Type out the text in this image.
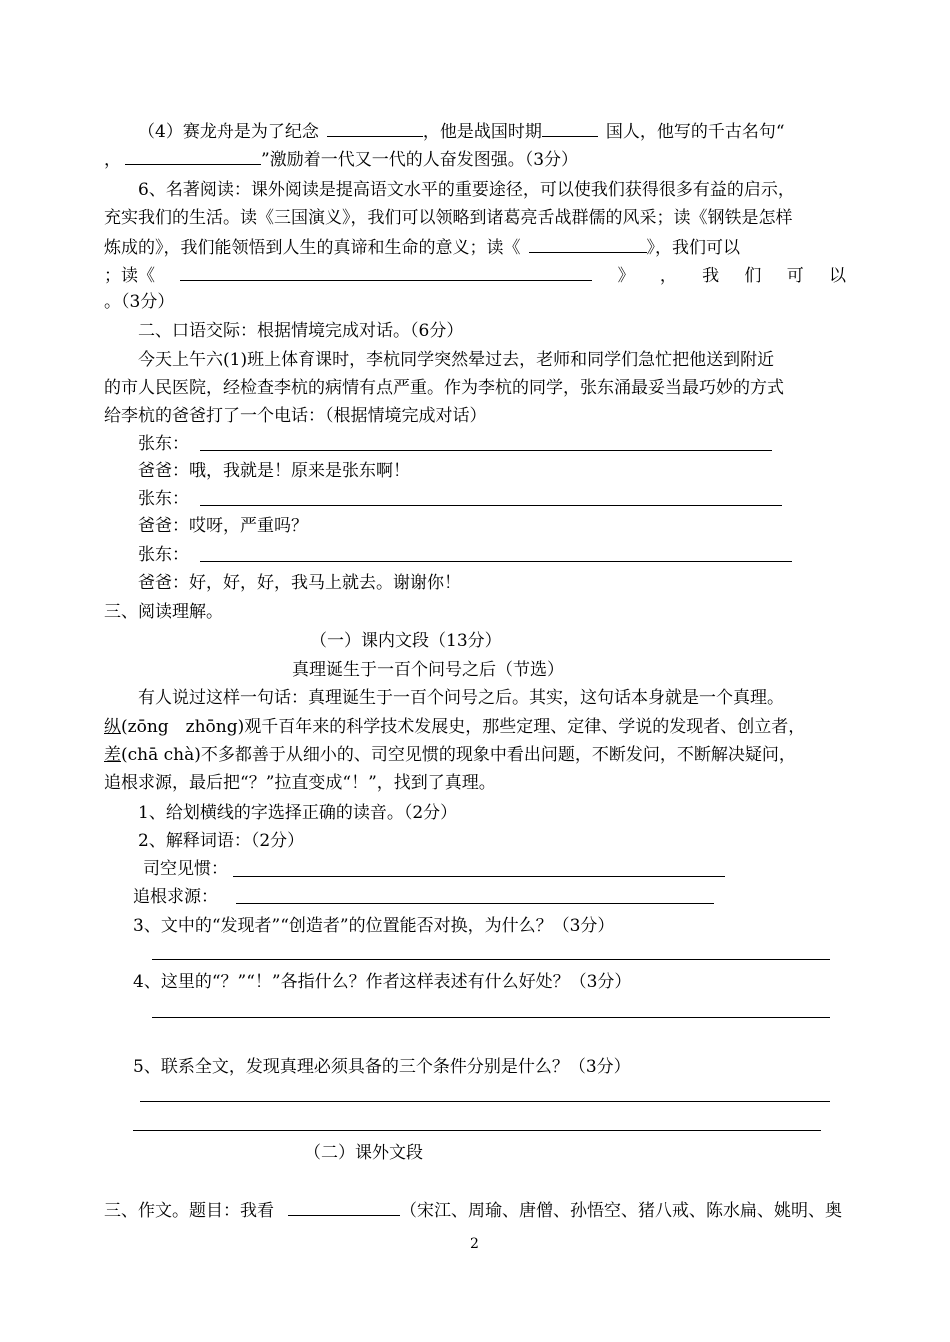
（4）赛龙舟是为了纪念	，他是战国时期	国人，他写的千古名句“
，	”激励着一代又一代的人奋发图强。（3分）
6、名著阅读：课外阅读是提高语文水平的重要途径，可以使我们获得很多有益的启示，
充实我们的生活。读《三国演义》，我们可以领略到诸葛亮舌战群儒的风采；读《钢铁是怎样
炼成的》，我们能领悟到人生的真谛和生命的意义；读《	》，我们可以
；读《	》 ， 我 们 可 以
。（3分）
二、口语交际：根据情境完成对话。（6分）
今天上午六(1)班上体育课时，李杭同学突然晕过去，老师和同学们急忙把他送到附近
的市人民医院，经检查李杭的病情有点严重。作为李杭的同学，张东涌最妥当最巧妙的方式
给李杭的爸爸打了一个电话：（根据情境完成对话）
张东：
爸爸：哦，我就是！原来是张东啊！
张东：
爸爸：哎呀，严重吗？
张东：
爸爸：好，好，好，我马上就去。谢谢你！
三、阅读理解。
（一）课内文段（13分）
真理诞生于一百个问号之后（节选）
有人说过这样一句话：真理诞生于一百个问号之后。其实，这句话本身就是一个真理。
纵(zōng　zhōng)观千百年来的科学技术发展史，那些定理、定律、学说的发现者、创立者，
差(chā chà)不多都善于从细小的、司空见惯的现象中看出问题，不断发问，不断解决疑问，
追根求源，最后把“？”拉直变成“！”，找到了真理。
1、给划横线的字选择正确的读音。（2分）
2、解释词语：（2分）
司空见惯：
追根求源：
3、文中的“发现者”“创造者”的位置能否对换，为什么？（3分）
4、这里的“？”“！”各指什么？作者这样表述有什么好处？（3分）
5、联系全文，发现真理必须具备的三个条件分别是什么？（3分）
（二）课外文段
三、作文。题目：我看	（宋江、周瑜、唐僧、孙悟空、猪八戒、陈水扁、姚明、奥
2
